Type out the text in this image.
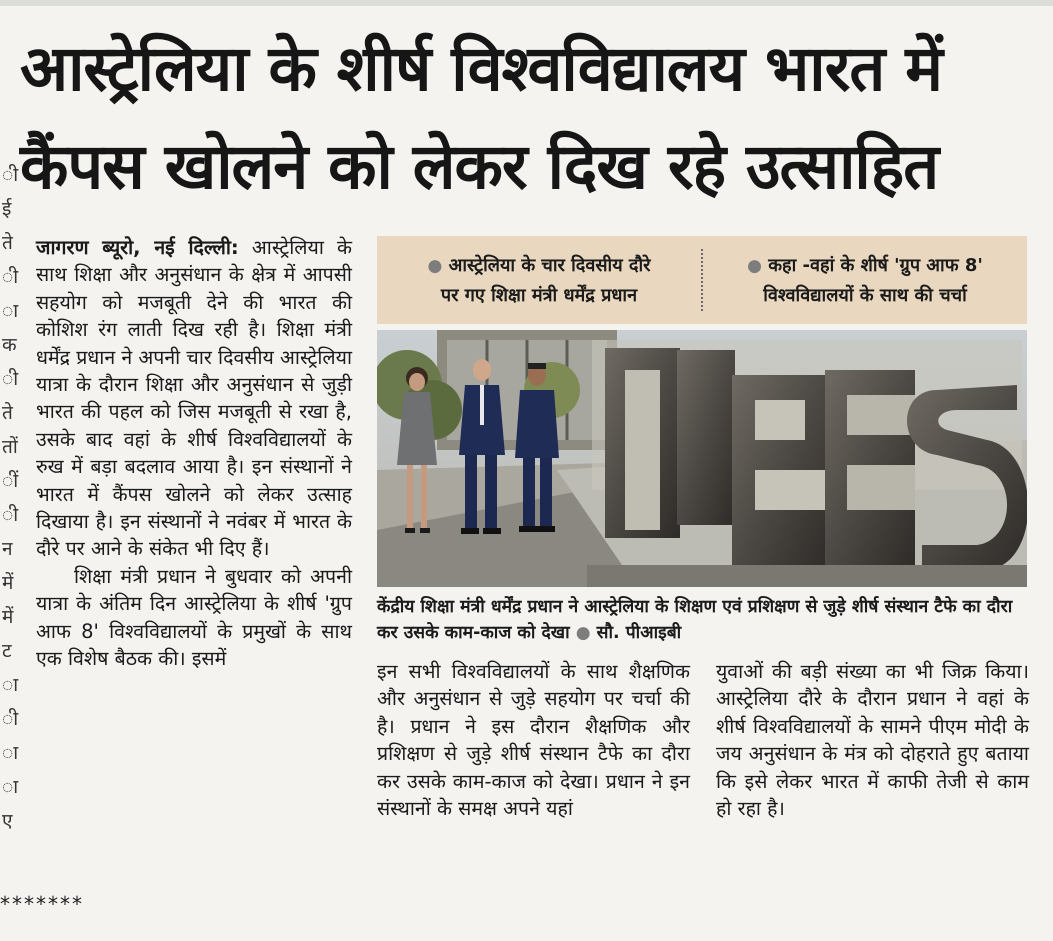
ी
ई
ते
ी
ा
क
ी
ते
तों
ीं
ी
न
में
में
ट
ा
ी
ा
ा
ए
आस्ट्रेलिया के शीर्ष विश्वविद्यालय भारत में
कैंपस खोलने को लेकर दिख रहे उत्साहित

जागरण ब्यूरो, नई दिल्ली: आस्ट्रेलिया के साथ शिक्षा और अनुसंधान के क्षेत्र में आपसी सहयोग को मजबूती देने की भारत की कोशिश रंग लाती दिख रही है। शिक्षा मंत्री धर्मेंद्र प्रधान ने अपनी चार दिवसीय आस्ट्रेलिया यात्रा के दौरान शिक्षा और अनुसंधान से जुड़ी भारत की पहल को जिस मजबूती से रखा है, उसके बाद वहां के शीर्ष विश्वविद्यालयों के रुख में बड़ा बदलाव आया है। इन संस्थानों ने भारत में कैंपस खोलने को लेकर उत्साह दिखाया है। इन संस्थानों ने नवंबर में भारत के दौरे पर आने के संकेत भी दिए हैं।

शिक्षा मंत्री प्रधान ने बुधवार को अपनी यात्रा के अंतिम दिन आस्ट्रेलिया के शीर्ष 'ग्रुप आफ 8' विश्वविद्यालयों के प्रमुखों के साथ एक विशेष बैठक की। इसमें

● आस्ट्रेलिया के चार दिवसीय दौरे
पर गए शिक्षा मंत्री धर्मेंद्र प्रधान
● कहा -वहां के शीर्ष 'ग्रुप आफ 8'
विश्वविद्यालयों के साथ की चर्चा
केंद्रीय शिक्षा मंत्री धर्मेंद्र प्रधान ने आस्ट्रेलिया के शिक्षण एवं प्रशिक्षण से जुड़े शीर्ष संस्थान टैफे का दौरा कर उसके काम-काज को देखा ● सौ. पीआइबी

इन सभी विश्वविद्यालयों के साथ शैक्षणिक और अनुसंधान से जुड़े सहयोग पर चर्चा की है। प्रधान ने इस दौरान शैक्षणिक और प्रशिक्षण से जुड़े शीर्ष संस्थान टैफे का दौरा कर उसके काम-काज को देखा। प्रधान ने इन संस्थानों के समक्ष अपने यहां

युवाओं की बड़ी संख्या का भी जिक्र किया। आस्ट्रेलिया दौरे के दौरान प्रधान ने वहां के शीर्ष विश्वविद्यालयों के सामने पीएम मोदी के जय अनुसंधान के मंत्र को दोहराते हुए बताया कि इसे लेकर भारत में काफी तेजी से काम हो रहा है।

*******
